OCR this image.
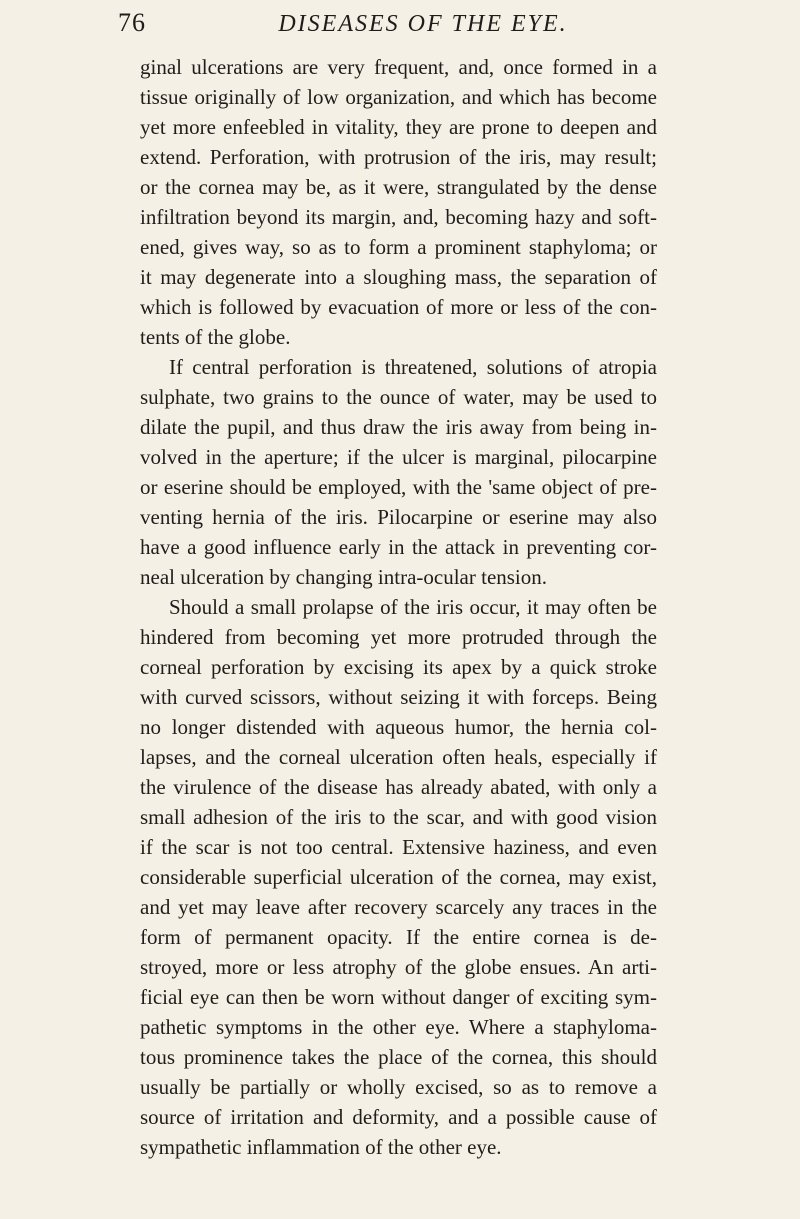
76	DISEASES OF THE EYE.
ginal ulcerations are very frequent, and, once formed in a
tissue originally of low organization, and which has become
yet more enfeebled in vitality, they are prone to deepen and
extend. Perforation, with protrusion of the iris, may result;
or the cornea may be, as it were, strangulated by the dense
infiltration beyond its margin, and, becoming hazy and soft-
ened, gives way, so as to form a prominent staphyloma; or
it may degenerate into a sloughing mass, the separation of
which is followed by evacuation of more or less of the con-
tents of the globe.
If central perforation is threatened, solutions of atropia
sulphate, two grains to the ounce of water, may be used to
dilate the pupil, and thus draw the iris away from being in-
volved in the aperture; if the ulcer is marginal, pilocarpine
or eserine should be employed, with the 'same object of pre-
venting hernia of the iris. Pilocarpine or eserine may also
have a good influence early in the attack in preventing cor-
neal ulceration by changing intra-ocular tension.
Should a small prolapse of the iris occur, it may often be
hindered from becoming yet more protruded through the
corneal perforation by excising its apex by a quick stroke
with curved scissors, without seizing it with forceps. Being
no longer distended with aqueous humor, the hernia col-
lapses, and the corneal ulceration often heals, especially if
the virulence of the disease has already abated, with only a
small adhesion of the iris to the scar, and with good vision
if the scar is not too central. Extensive haziness, and even
considerable superficial ulceration of the cornea, may exist,
and yet may leave after recovery scarcely any traces in the
form of permanent opacity. If the entire cornea is de-
stroyed, more or less atrophy of the globe ensues. An arti-
ficial eye can then be worn without danger of exciting sym-
pathetic symptoms in the other eye. Where a staphyloma-
tous prominence takes the place of the cornea, this should
usually be partially or wholly excised, so as to remove a
source of irritation and deformity, and a possible cause of
sympathetic inflammation of the other eye.
